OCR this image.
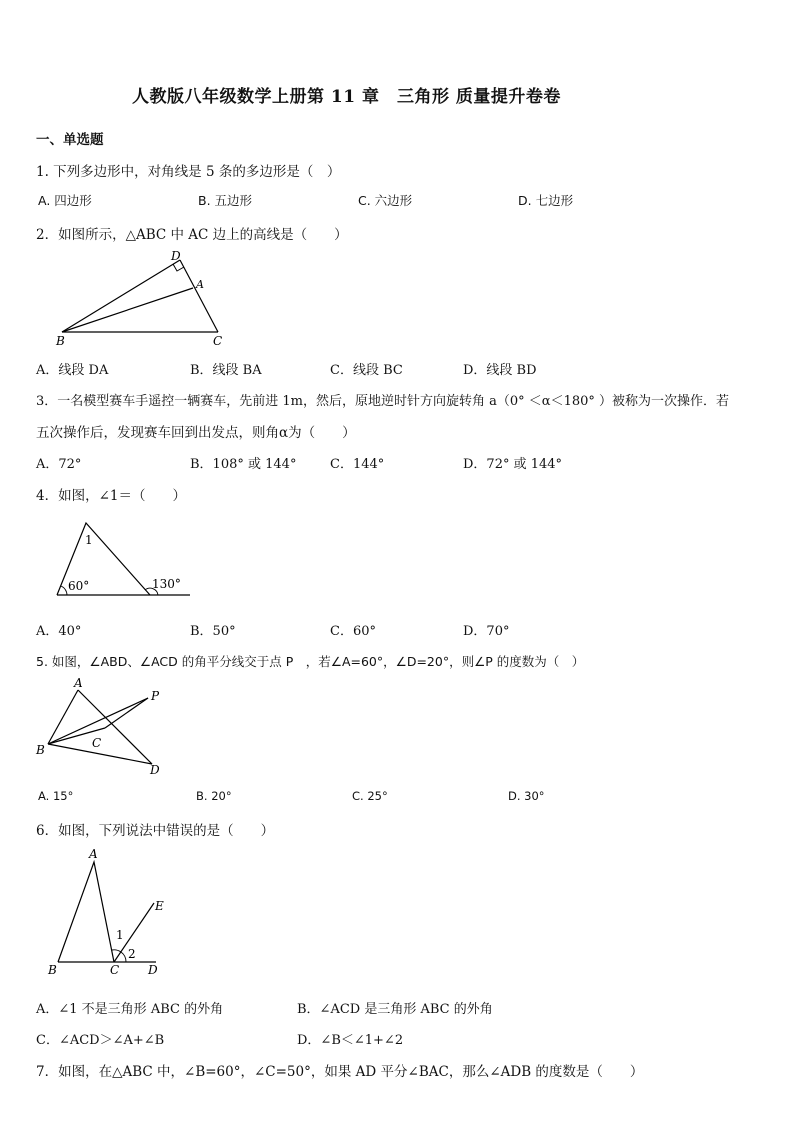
人教版八年级数学上册第 11 章　三角形 质量提升卷卷
一、单选题
1. 下列多边形中，对角线是 5 条的多边形是（　）
A. 四边形	B. 五边形	C. 六边形	D. 七边形
2．如图所示，△ABC 中 AC 边上的高线是（　　）
D
A
B	C
A．线段 DA	B．线段 BA	C．线段 BC	D．线段 BD
3．一名模型赛车手遥控一辆赛车，先前进 1m，然后，原地逆时针方向旋转角 a（0° ＜α＜180° ）被称为一次操作．若
五次操作后，发现赛车回到出发点，则角α为（　　）
A．72°	B．108° 或 144°	C．144°	D．72° 或 144°
4．如图，∠1＝（　　）
1
60°	130°
A．40°	B．50°	C．60°	D．70°
5. 如图，∠ABD、∠ACD 的角平分线交于点 P　，若∠A=60°，∠D=20°，则∠P 的度数为（　）
A
P
B	C
D
A. 15°	B. 20°	C. 25°	D. 30°
6．如图，下列说法中错误的是（　　）
A
E
1
2
B	C D
A．∠1 不是三角形 ABC 的外角	B．∠ACD 是三角形 ABC 的外角
C．∠ACD＞∠A+∠B	D．∠B＜∠1+∠2
7．如图，在△ABC 中，∠B=60°，∠C=50°，如果 AD 平分∠BAC，那么∠ADB 的度数是（　　）
